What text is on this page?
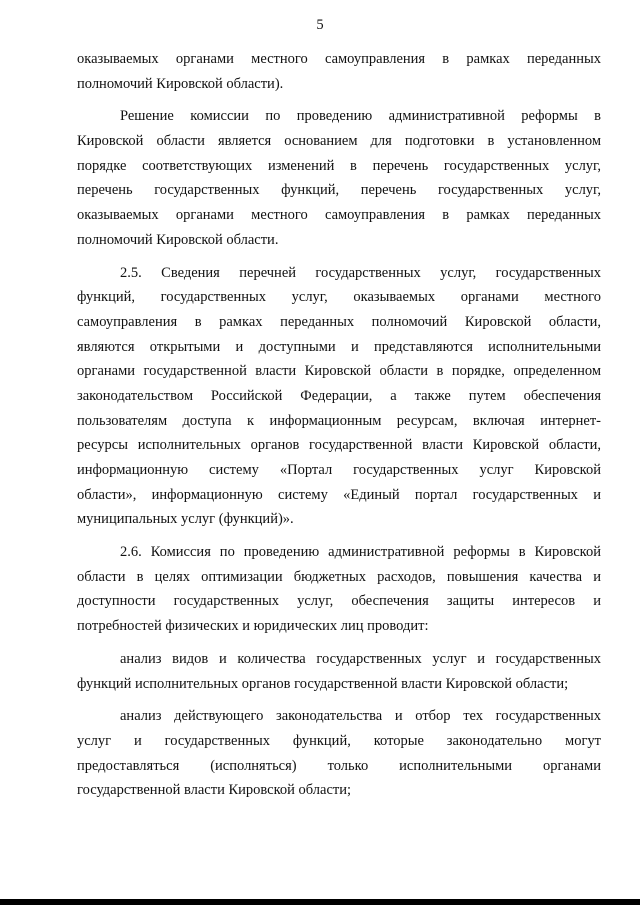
5
оказываемых органами местного самоуправления в рамках переданных
полномочий Кировской области).
Решение комиссии по проведению административной реформы в
Кировской области является основанием для подготовки в установленном
порядке соответствующих изменений в перечень государственных услуг,
перечень государственных функций, перечень государственных услуг,
оказываемых органами местного самоуправления в рамках переданных
полномочий Кировской области.
2.5. Сведения перечней государственных услуг, государственных
функций, государственных услуг, оказываемых органами местного
самоуправления в рамках переданных полномочий Кировской области,
являются открытыми и доступными и представляются исполнительными
органами государственной власти Кировской области в порядке, определенном
законодательством Российской Федерации, а также путем обеспечения
пользователям доступа к информационным ресурсам, включая интернет-
ресурсы исполнительных органов государственной власти Кировской области,
информационную систему «Портал государственных услуг Кировской
области», информационную систему «Единый портал государственных и
муниципальных услуг (функций)».
2.6. Комиссия по проведению административной реформы в Кировской
области в целях оптимизации бюджетных расходов, повышения качества и
доступности государственных услуг, обеспечения защиты интересов и
потребностей физических и юридических лиц проводит:
анализ видов и количества государственных услуг и государственных
функций исполнительных органов государственной власти Кировской области;
анализ действующего законодательства и отбор тех государственных
услуг и государственных функций, которые законодательно могут
предоставляться (исполняться) только исполнительными органами
государственной власти Кировской области;
